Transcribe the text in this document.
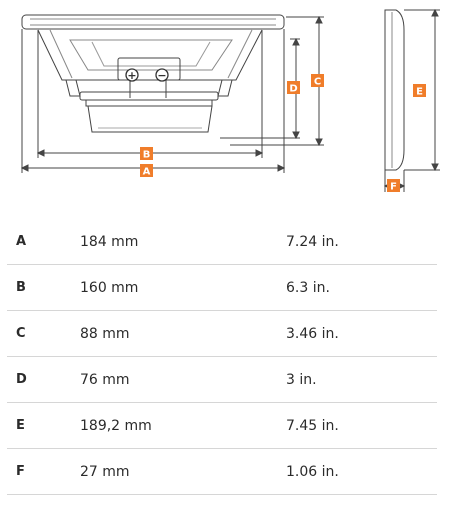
+ −
B
A
D
C
E
F
A	184 mm	7.24 in.
B	160 mm	6.3 in.
C	88 mm	3.46 in.
D	76 mm	3 in.
E	189,2 mm	7.45 in.
F	27 mm	1.06 in.
